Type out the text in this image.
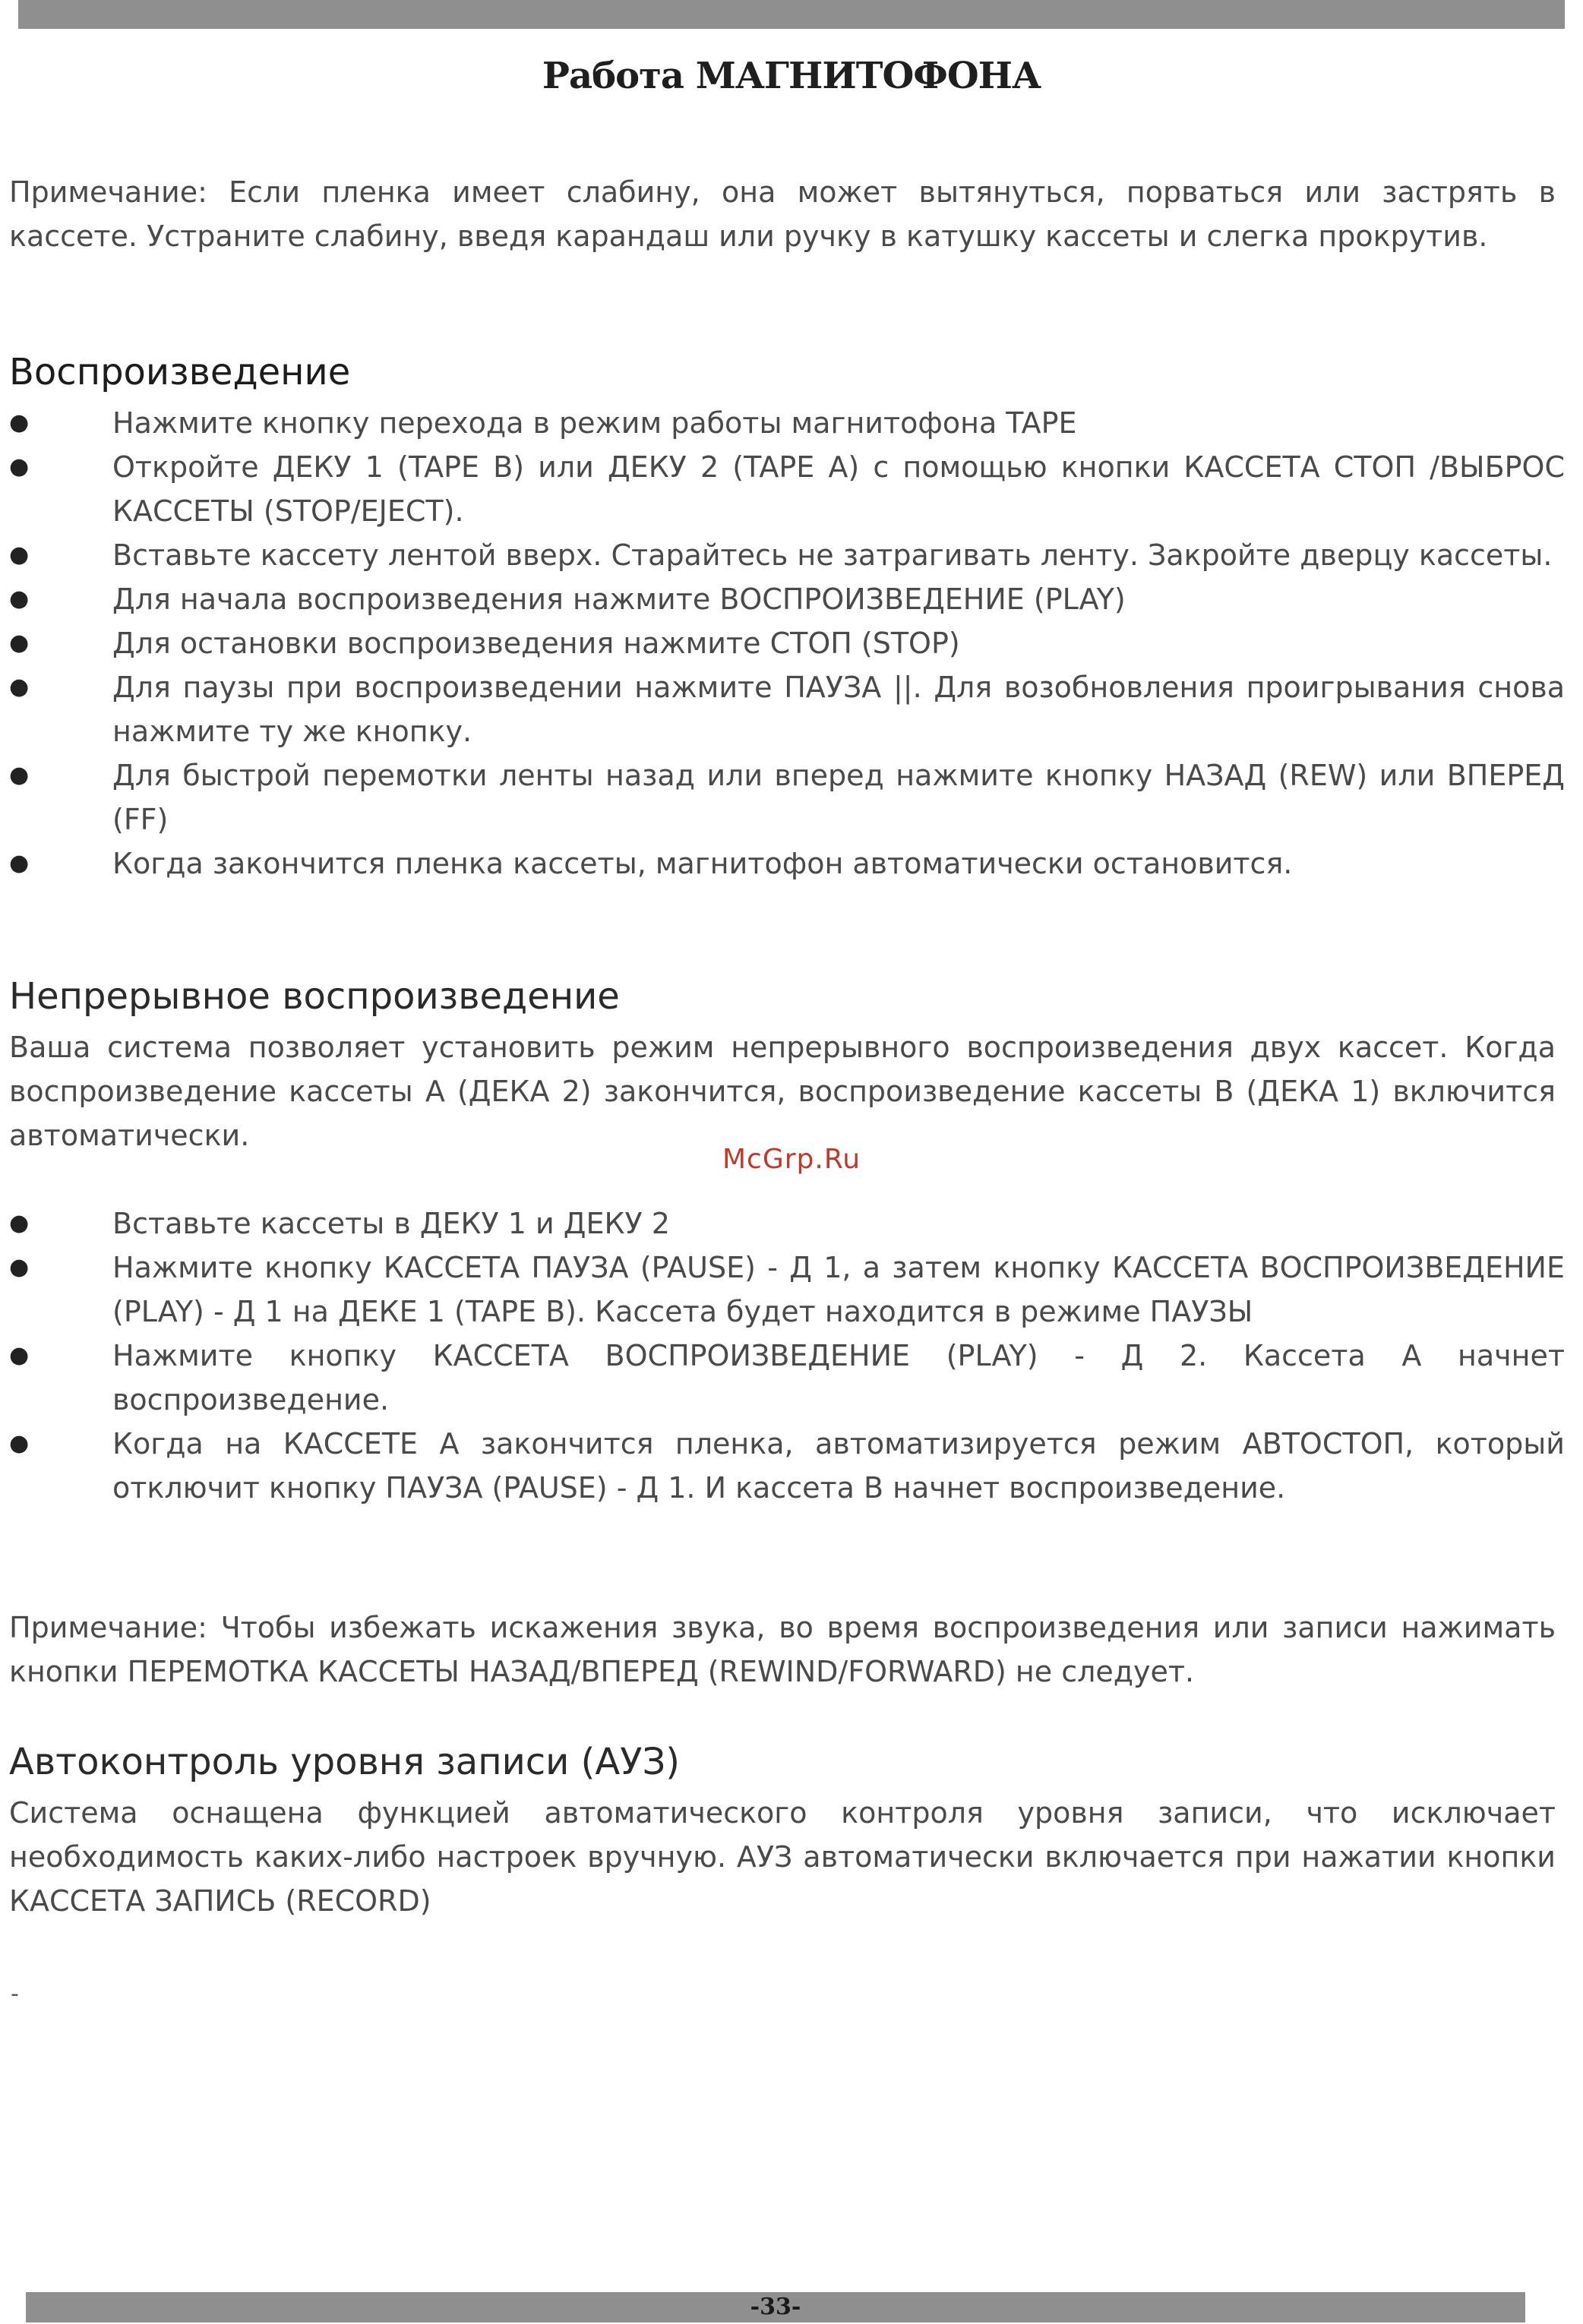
Работа МАГНИТОФОНА

Примечание: Если пленка имеет слабину, она может вытянуться, порваться или застрять в кассете. Устраните слабину, введя карандаш или ручку в катушку кассеты и слегка прокрутив.

Воспроизведение
●	Нажмите кнопку перехода в режим работы магнитофона TAPE
●	Откройте ДЕКУ 1 (TAPE B) или ДЕКУ 2 (TAPE A) с помощью кнопки КАССЕТА СТОП /ВЫБРОС КАССЕТЫ (STOP/EJECT).
●	Вставьте кассету лентой вверх. Старайтесь не затрагивать ленту. Закройте дверцу кассеты.
●	Для начала воспроизведения нажмите ВОСПРОИЗВЕДЕНИЕ (PLAY)
●	Для остановки воспроизведения нажмите СТОП (STOP)
●	Для паузы при воспроизведении нажмите ПАУЗА ||. Для возобновления проигрывания снова нажмите ту же кнопку.
●	Для быстрой перемотки ленты назад или вперед нажмите кнопку НАЗАД (REW) или ВПЕРЕД (FF)
●	Когда закончится пленка кассеты, магнитофон автоматически остановится.
Непрерывное воспроизведение

Ваша система позволяет установить режим непрерывного воспроизведения двух кассет. Когда воспроизведение кассеты A (ДЕКА 2) закончится, воспроизведение кассеты B (ДЕКА 1) включится автоматически.

McGrp.Ru
●	Вставьте кассеты в ДЕКУ 1 и ДЕКУ 2
●	Нажмите кнопку КАССЕТА ПАУЗА (PAUSE) - Д 1, а затем кнопку КАССЕТА ВОСПРОИЗВЕДЕНИЕ (PLAY) - Д 1 на ДЕКЕ 1 (TAPE B). Кассета будет находится в режиме ПАУЗЫ
●	Нажмите кнопку КАССЕТА ВОСПРОИЗВЕДЕНИЕ (PLAY) - Д 2. Кассета A начнет воспроизведение.
●	Когда на КАССЕТЕ A закончится пленка, автоматизируется режим АВТОСТОП, который отключит кнопку ПАУЗА (PAUSE) - Д 1. И кассета B начнет воспроизведение.

Примечание: Чтобы избежать искажения звука, во время воспроизведения или записи нажимать кнопки ПЕРЕМОТКА КАССЕТЫ НАЗАД/ВПЕРЕД (REWIND/FORWARD) не следует.

Автоконтроль уровня записи (АУЗ)

Система оснащена функцией автоматического контроля уровня записи, что исключает необходимость каких-либо настроек вручную. АУЗ автоматически включается при нажатии кнопки КАССЕТА ЗАПИСЬ (RECORD)

-
-33-
